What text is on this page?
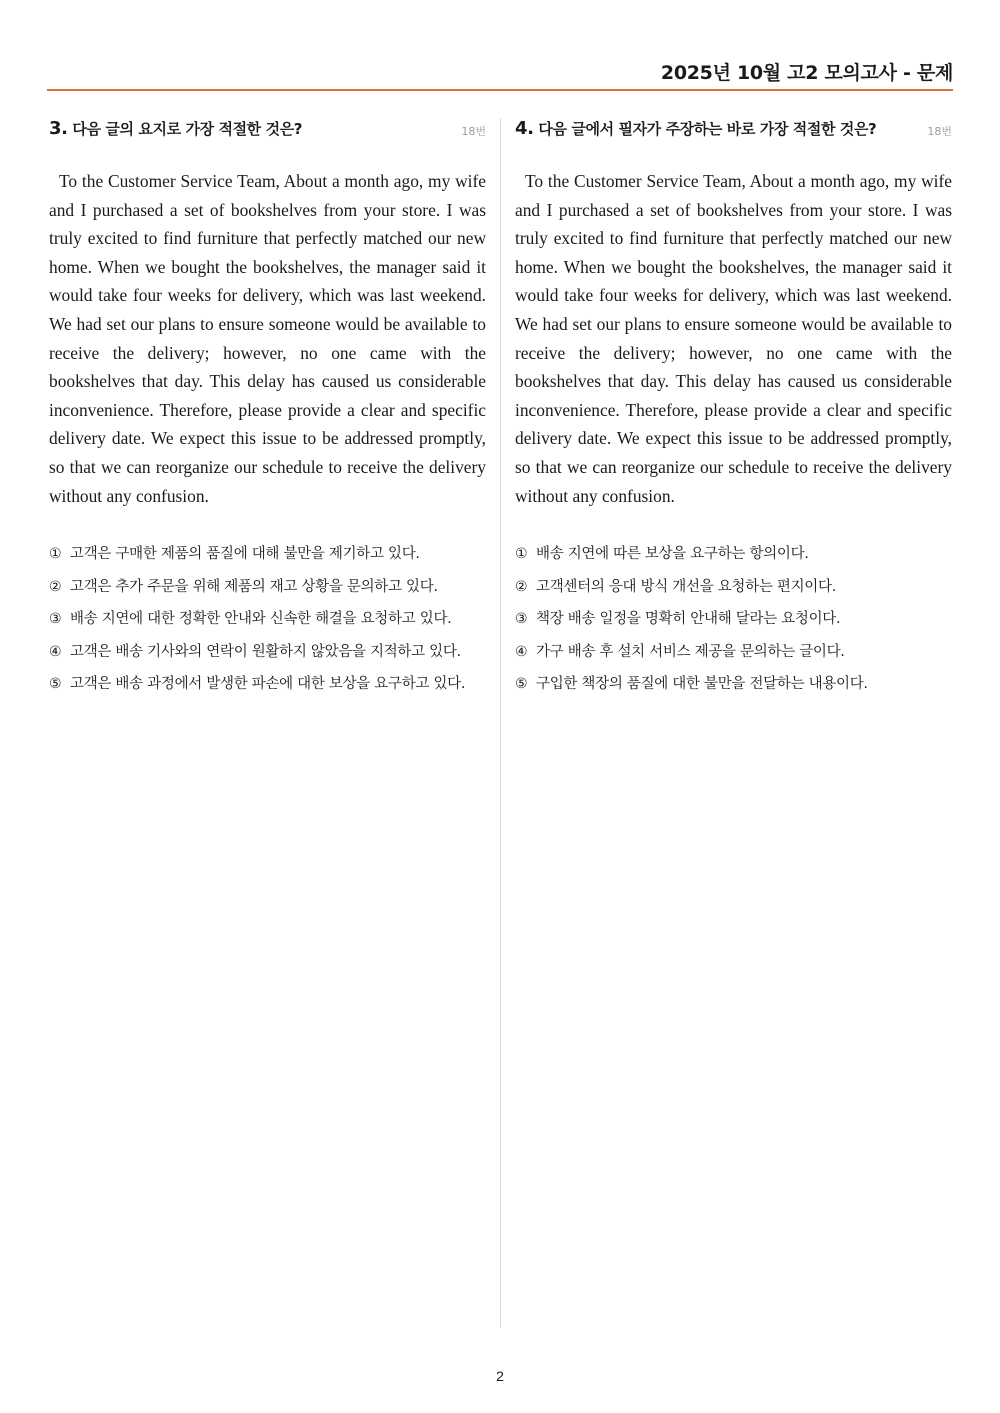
2025년 10월 고2 모의고사 - 문제
3. 다음 글의 요지로 가장 적절한 것은?	18번

To the Customer Service Team, About a month ago, my wife and I purchased a set of bookshelves from your store. I was truly excited to find furniture that perfectly matched our new home. When we bought the bookshelves, the manager said it would take four weeks for delivery, which was last weekend. We had set our plans to ensure someone would be available to receive the delivery; however, no one came with the bookshelves that day. This delay has caused us considerable inconvenience. Therefore, please provide a clear and specific delivery date. We expect this issue to be addressed promptly, so that we can reorganize our schedule to receive the delivery without any confusion.

① 고객은 구매한 제품의 품질에 대해 불만을 제기하고 있다.
② 고객은 추가 주문을 위해 제품의 재고 상황을 문의하고 있다.
③ 배송 지연에 대한 정확한 안내와 신속한 해결을 요청하고 있다.
④ 고객은 배송 기사와의 연락이 원활하지 않았음을 지적하고 있다.
⑤ 고객은 배송 과정에서 발생한 파손에 대한 보상을 요구하고 있다.
4. 다음 글에서 필자가 주장하는 바로 가장 적절한 것은?	18번

To the Customer Service Team, About a month ago, my wife and I purchased a set of bookshelves from your store. I was truly excited to find furniture that perfectly matched our new home. When we bought the bookshelves, the manager said it would take four weeks for delivery, which was last weekend. We had set our plans to ensure someone would be available to receive the delivery; however, no one came with the bookshelves that day. This delay has caused us considerable inconvenience. Therefore, please provide a clear and specific delivery date. We expect this issue to be addressed promptly, so that we can reorganize our schedule to receive the delivery without any confusion.

① 배송 지연에 따른 보상을 요구하는 항의이다.
② 고객센터의 응대 방식 개선을 요청하는 편지이다.
③ 책장 배송 일정을 명확히 안내해 달라는 요청이다.
④ 가구 배송 후 설치 서비스 제공을 문의하는 글이다.
⑤ 구입한 책장의 품질에 대한 불만을 전달하는 내용이다.
2
